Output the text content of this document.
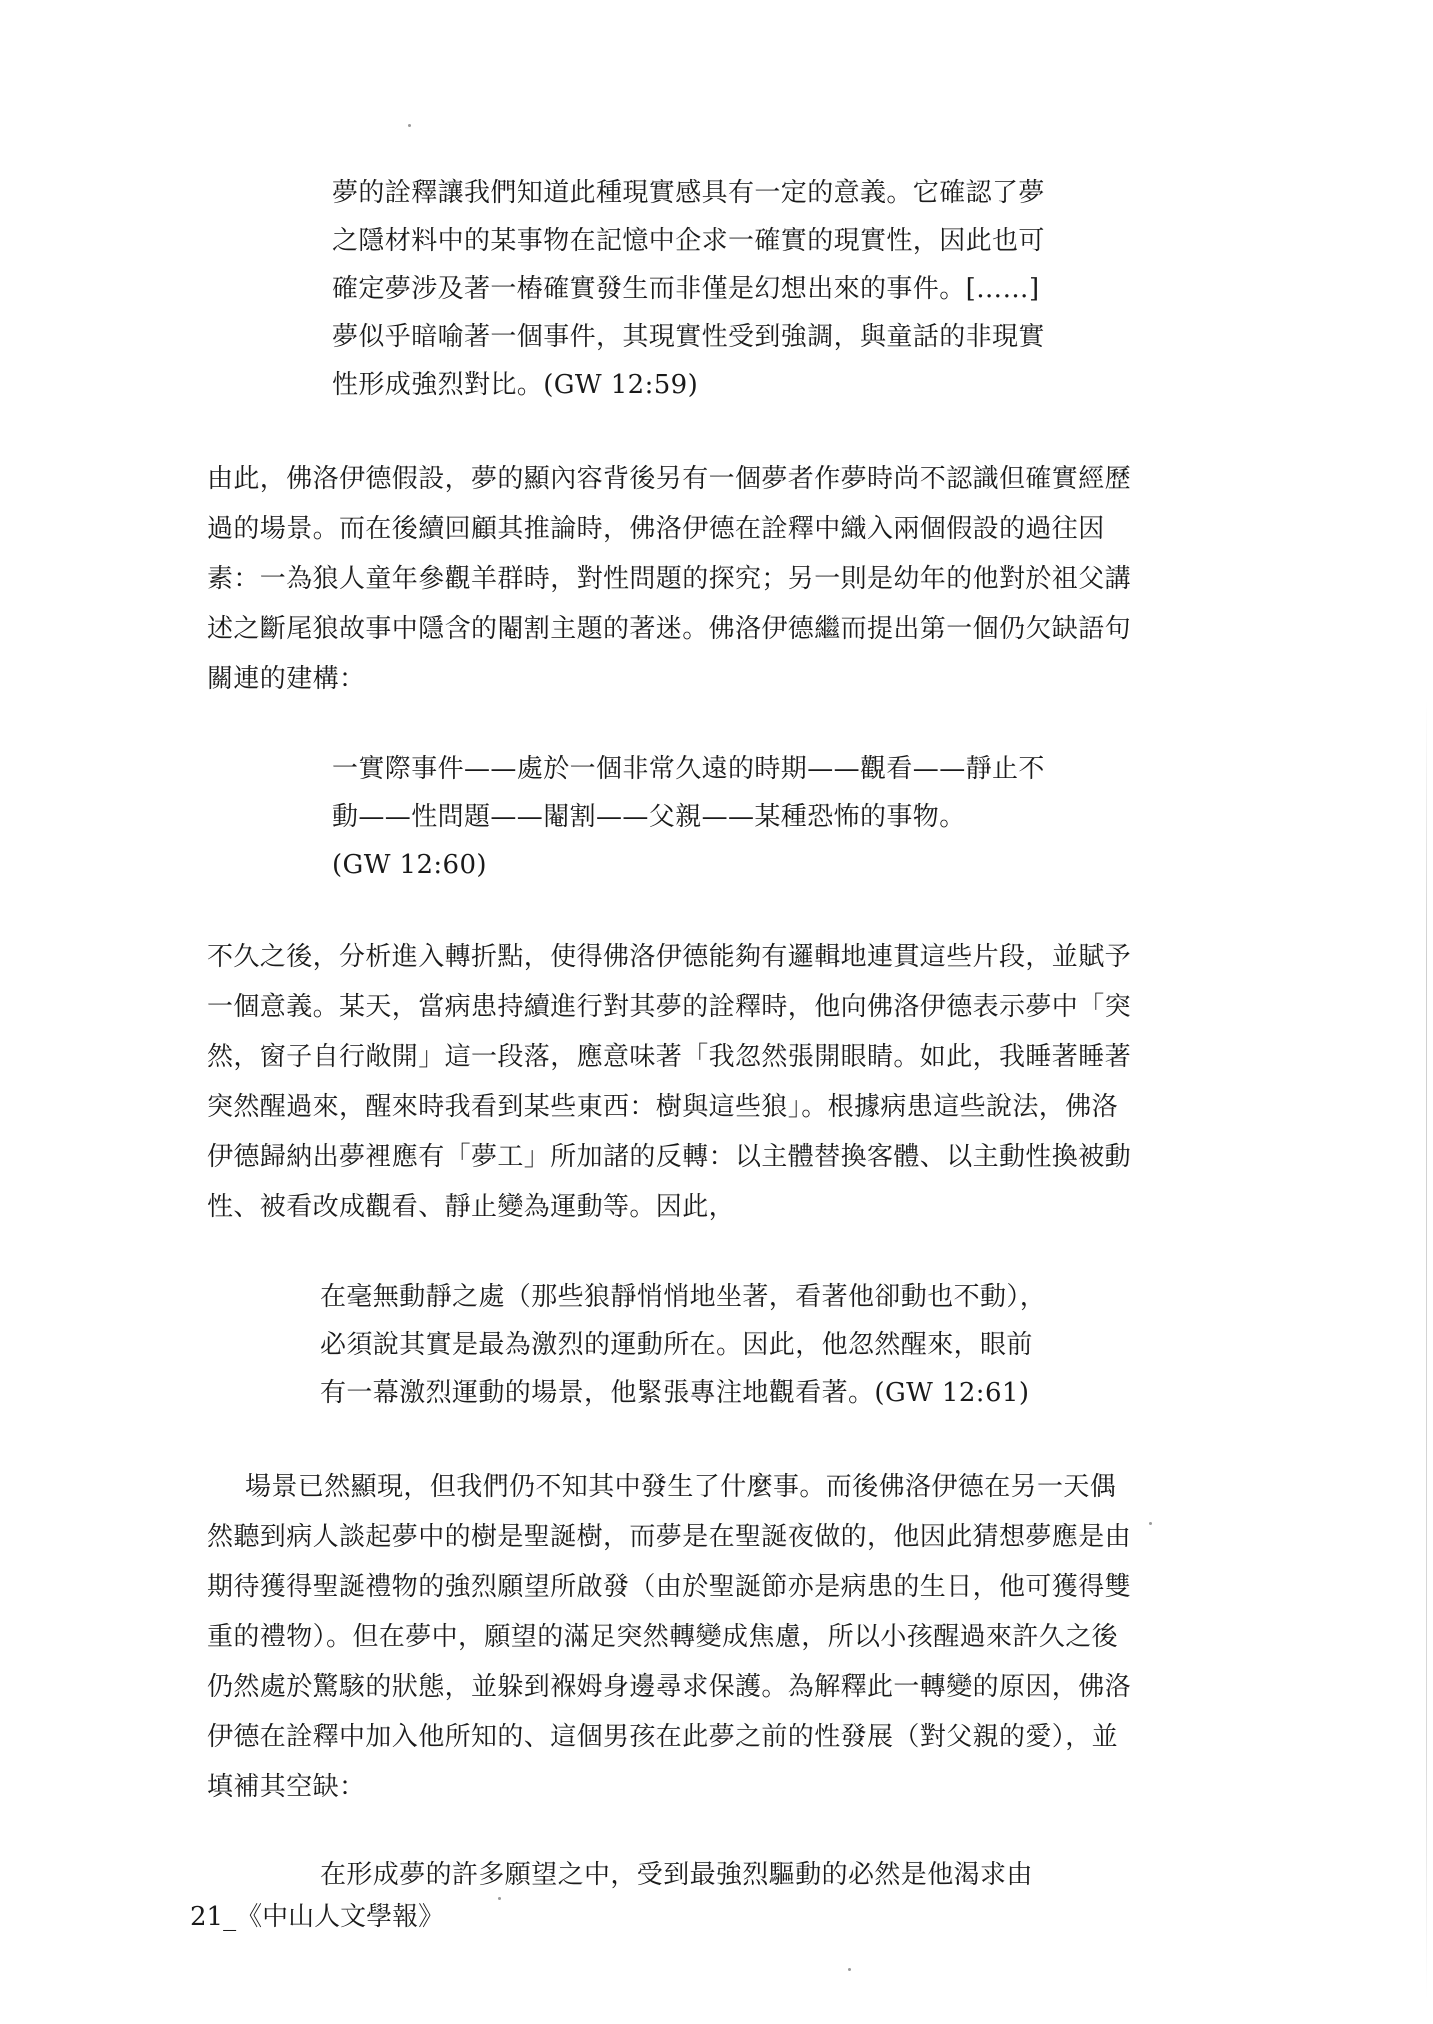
夢的詮釋讓我們知道此種現實感具有一定的意義。它確認了夢

之隱材料中的某事物在記憶中企求一確實的現實性，因此也可

確定夢涉及著一樁確實發生而非僅是幻想出來的事件。[……]

夢似乎暗喻著一個事件，其現實性受到強調，與童話的非現實

性形成強烈對比。(GW 12:59)

由此，佛洛伊德假設，夢的顯內容背後另有一個夢者作夢時尚不認識但確實經歷

過的場景。而在後續回顧其推論時，佛洛伊德在詮釋中織入兩個假設的過往因

素：一為狼人童年參觀羊群時，對性問題的探究；另一則是幼年的他對於祖父講

述之斷尾狼故事中隱含的閹割主題的著迷。佛洛伊德繼而提出第一個仍欠缺語句

關連的建構：

一實際事件——處於一個非常久遠的時期——觀看——靜止不

動——性問題——閹割——父親——某種恐怖的事物。

(GW 12:60)

不久之後，分析進入轉折點，使得佛洛伊德能夠有邏輯地連貫這些片段，並賦予

一個意義。某天，當病患持續進行對其夢的詮釋時，他向佛洛伊德表示夢中「突

然，窗子自行敞開」這一段落，應意味著「我忽然張開眼睛。如此，我睡著睡著

突然醒過來，醒來時我看到某些東西：樹與這些狼」。根據病患這些說法，佛洛

伊德歸納出夢裡應有「夢工」所加諸的反轉：以主體替換客體、以主動性換被動

性、被看改成觀看、靜止變為運動等。因此，

在毫無動靜之處（那些狼靜悄悄地坐著，看著他卻動也不動），

必須說其實是最為激烈的運動所在。因此，他忽然醒來，眼前

有一幕激烈運動的場景，他緊張專注地觀看著。(GW 12:61)

場景已然顯現，但我們仍不知其中發生了什麼事。而後佛洛伊德在另一天偶

然聽到病人談起夢中的樹是聖誕樹，而夢是在聖誕夜做的，他因此猜想夢應是由

期待獲得聖誕禮物的強烈願望所啟發（由於聖誕節亦是病患的生日，他可獲得雙

重的禮物）。但在夢中，願望的滿足突然轉變成焦慮，所以小孩醒過來許久之後

仍然處於驚駭的狀態，並躲到褓姆身邊尋求保護。為解釋此一轉變的原因，佛洛

伊德在詮釋中加入他所知的、這個男孩在此夢之前的性發展（對父親的愛），並

填補其空缺：

在形成夢的許多願望之中，受到最強烈驅動的必然是他渴求由

21_《中山人文學報》
